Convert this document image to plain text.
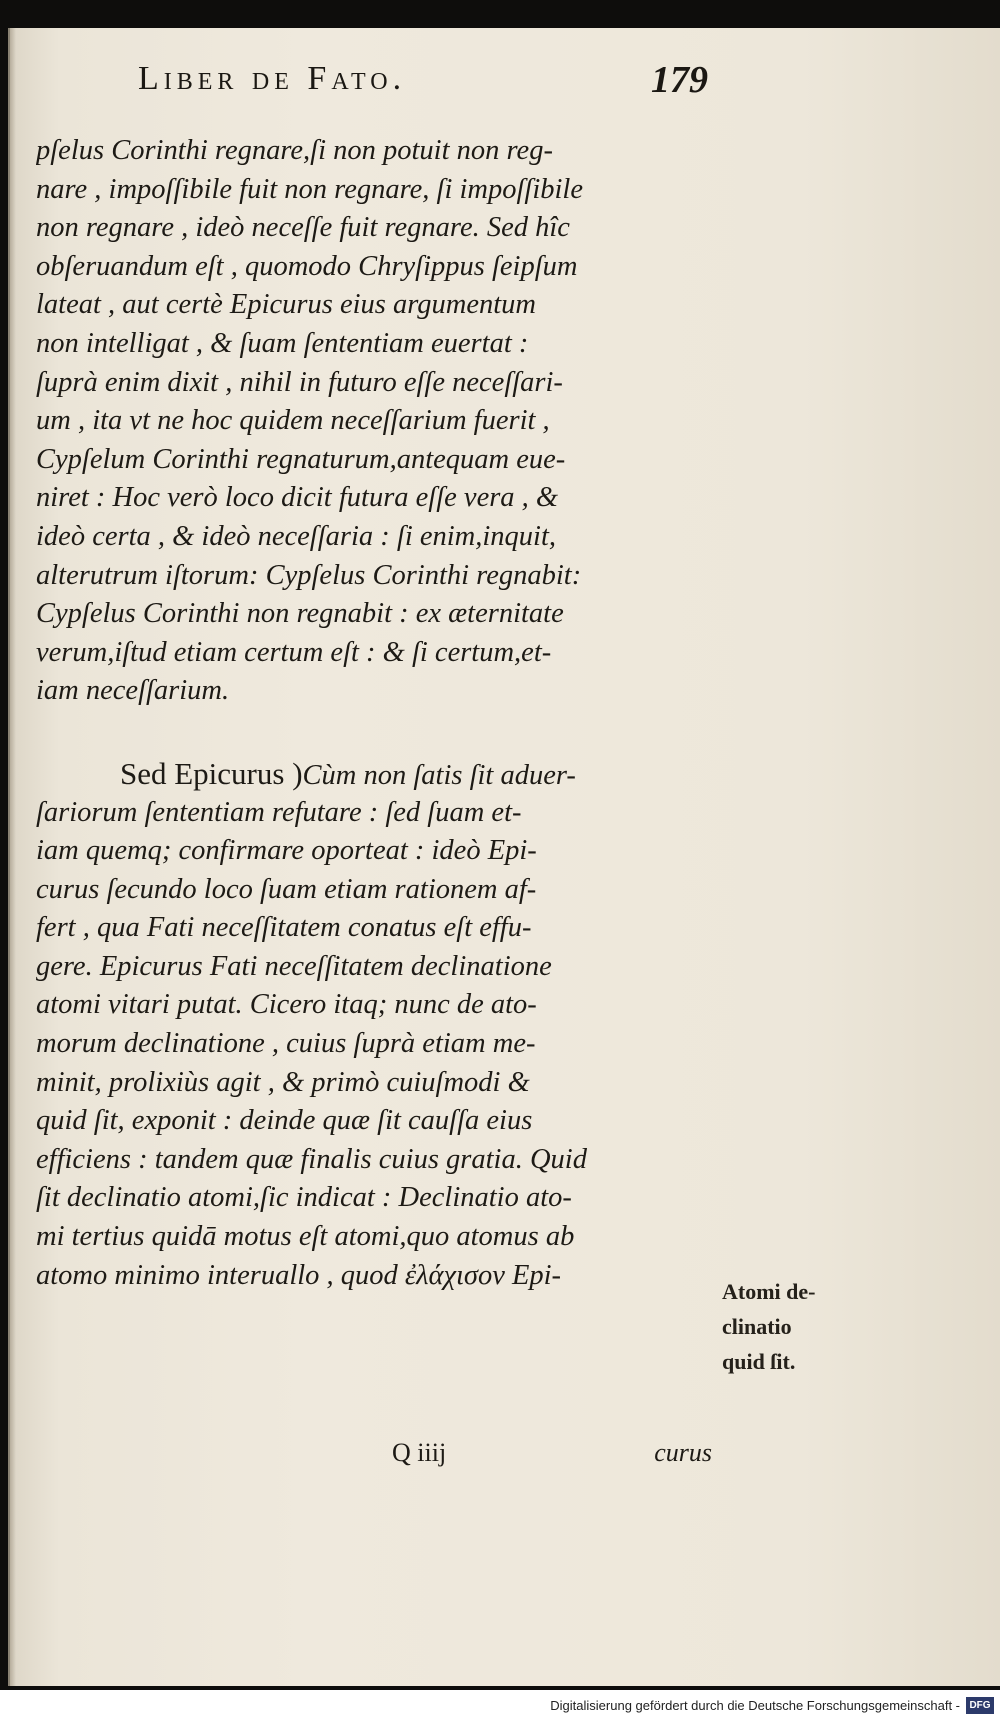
Liber de Fato.	179
pſelus Corinthi regnare,ſi non potuit non reg-
nare , impoſſibile fuit non regnare, ſi impoſſibile
non regnare , ideò neceſſe fuit regnare. Sed hîc
obſeruandum eſt , quomodo Chryſippus ſeipſum
lateat , aut certè Epicurus eius argumentum
non intelligat , & ſuam ſententiam euertat :
ſuprà enim dixit , nihil in futuro eſſe neceſſari-
um , ita vt ne hoc quidem neceſſarium fuerit ,
Cypſelum Corinthi regnaturum,antequam eue-
niret : Hoc verò loco dicit futura eſſe vera , &
ideò certa , & ideò neceſſaria : ſi enim,inquit,
alterutrum iſtorum: Cypſelus Corinthi regnabit:
Cypſelus Corinthi non regnabit : ex æternitate
verum,iſtud etiam certum eſt : & ſi certum,et-
iam neceſſarium.
Sed Epicurus )Cùm non ſatis ſit aduer-
ſariorum ſententiam refutare : ſed ſuam et-
iam quemq; confirmare oporteat : ideò Epi-
curus ſecundo loco ſuam etiam rationem af-
fert , qua Fati neceſſitatem conatus eſt effu-
gere. Epicurus Fati neceſſitatem declinatione
atomi vitari putat. Cicero itaq; nunc de ato-
morum declinatione , cuius ſuprà etiam me-
minit, prolixiùs agit , & primò cuiuſmodi &
quid ſit, exponit : deinde quæ ſit cauſſa eius
efficiens : tandem quæ finalis cuius gratia. Quid
ſit declinatio atomi,ſic indicat : Declinatio ato-
mi tertius quidā motus eſt atomi,quo atomus ab
atomo minimo interuallo , quod ἐλάχισον Epi-
Atomi de-
clinatio
quid ſit.
Q iiij	curus
Digitalisierung gefördert durch die Deutsche Forschungsgemeinschaft - DFG
